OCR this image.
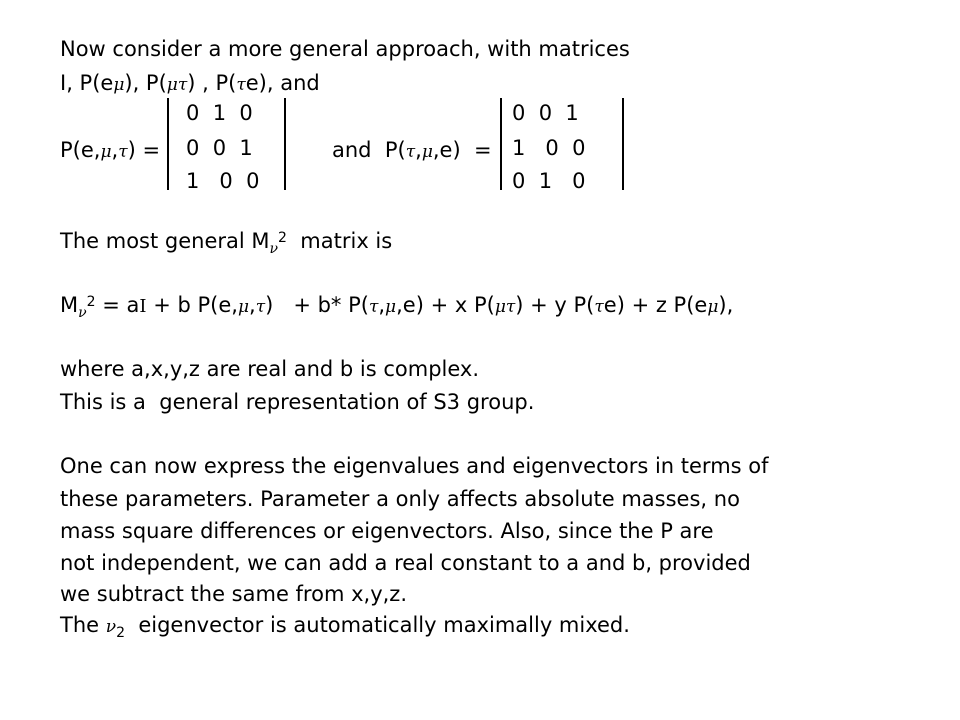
Now consider a more general approach, with matrices
I, P(eμ), P(μτ) , P(τe), and
P(e,μ,τ) =
0  1  0
0  0  1
1   0  0
and  P(τ,μ,e)  =
0  0  1
1   0  0
0  1   0
The most general $M_\nu^2$  matrix is
$M_\nu^2$ = aI + b P(e,μ,τ)   + b* P(τ,μ,e) + x P(μτ) + y P(τe) + z P(eμ),
where a,x,y,z are real and b is complex.
This is a  general representation of S3 group.
One can now express the eigenvalues and eigenvectors in terms of
these parameters. Parameter a only affects absolute masses, no
mass square differences or eigenvectors. Also, since the P are
not independent, we can add a real constant to a and b, provided
we subtract the same from x,y,z.
The $\nu_2$  eigenvector is automatically maximally mixed.
